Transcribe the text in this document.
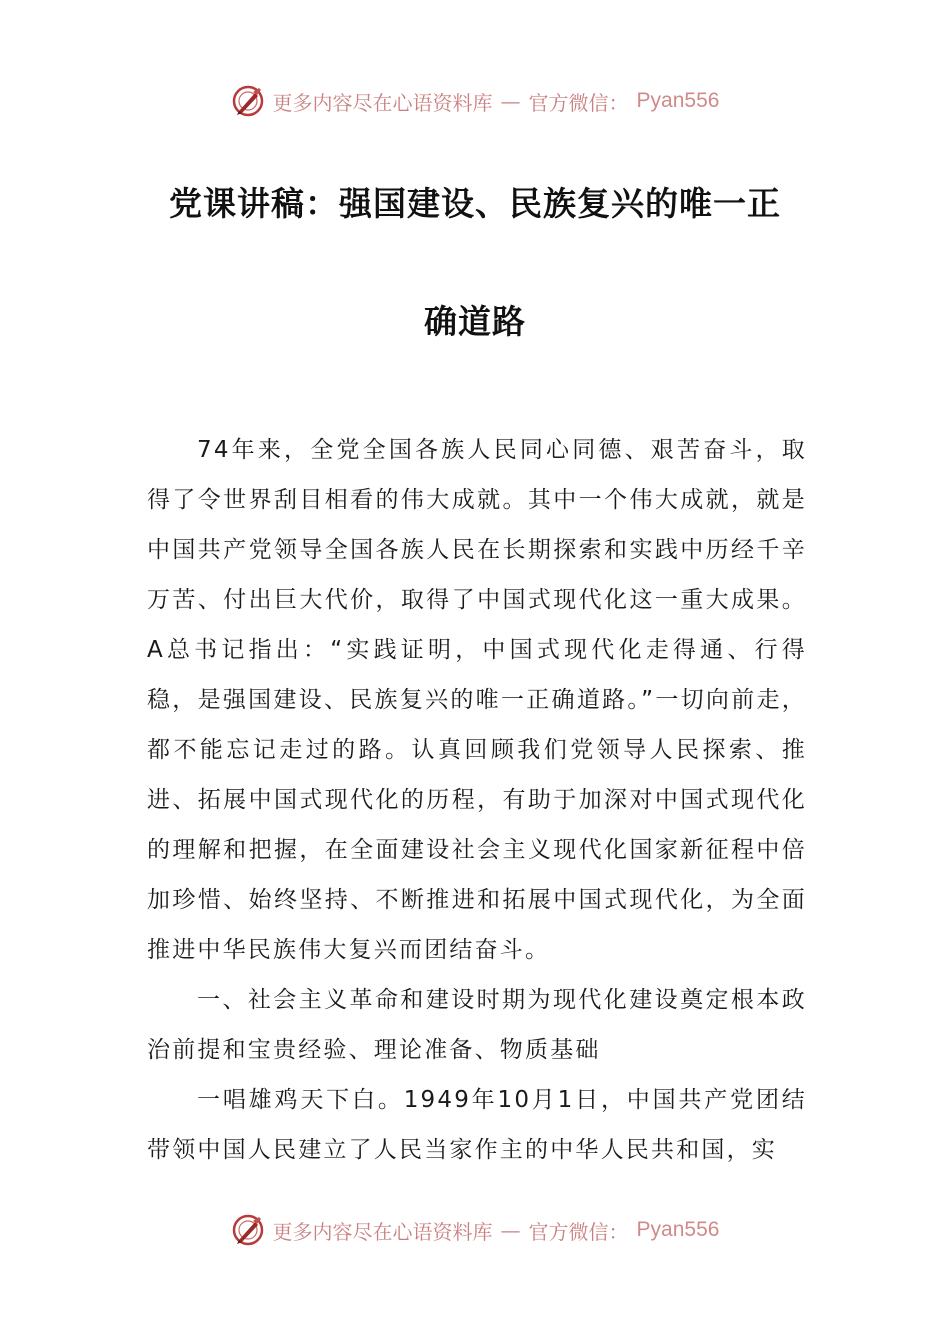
更多内容尽在心语资料库 — 官方微信： Pyan556
党课讲稿：强国建设、民族复兴的唯一正
确道路

74年来，全党全国各族人民同心同德、艰苦奋斗，取得了令世界刮目相看的伟大成就。其中一个伟大成就，就是中国共产党领导全国各族人民在长期探索和实践中历经千辛万苦、付出巨大代价，取得了中国式现代化这一重大成果。A总书记指出：“实践证明，中国式现代化走得通、行得稳，是强国建设、民族复兴的唯一正确道路。”一切向前走，都不能忘记走过的路。认真回顾我们党领导人民探索、推进、拓展中国式现代化的历程，有助于加深对中国式现代化的理解和把握，在全面建设社会主义现代化国家新征程中倍加珍惜、始终坚持、不断推进和拓展中国式现代化，为全面推进中华民族伟大复兴而团结奋斗。

一、社会主义革命和建设时期为现代化建设奠定根本政治前提和宝贵经验、理论准备、物质基础

一唱雄鸡天下白。1949年10月1日，中国共产党团结带领中国人民建立了人民当家作主的中华人民共和国，实

更多内容尽在心语资料库 — 官方微信： Pyan556
